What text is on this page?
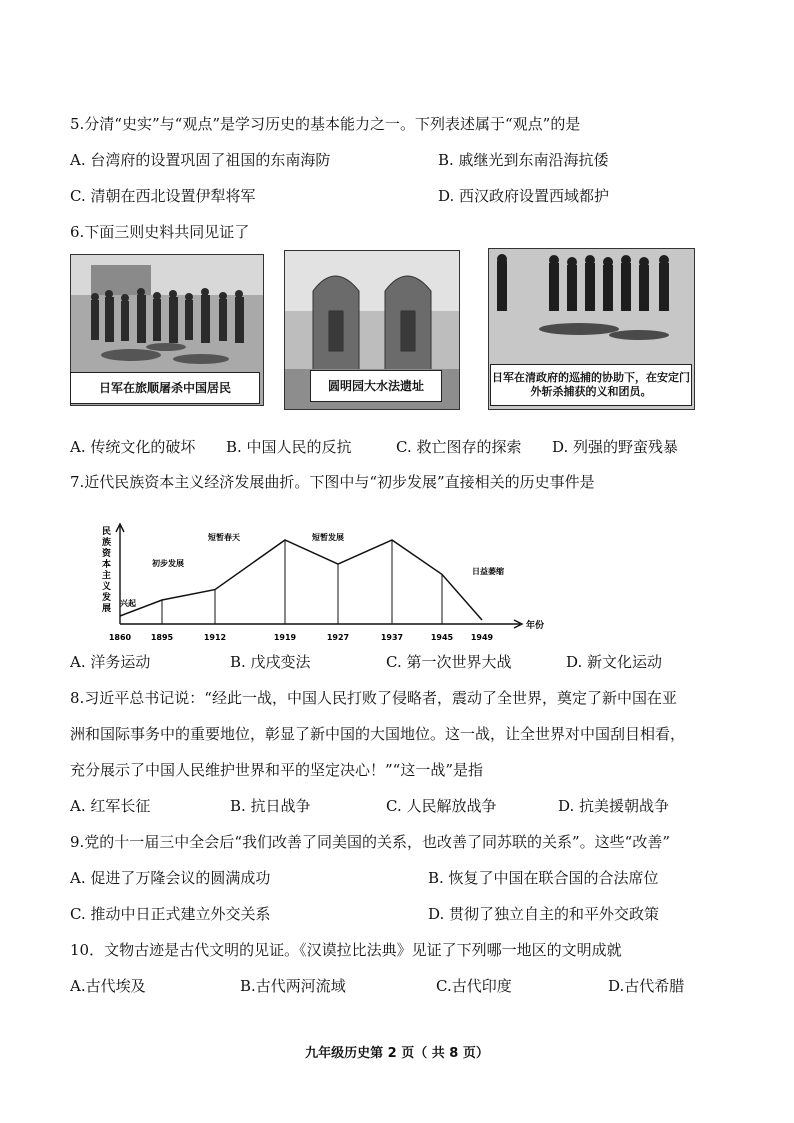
5.分清“史实”与“观点”是学习历史的基本能力之一。下列表述属于“观点”的是
A. 台湾府的设置巩固了祖国的东南海防	B. 戚继光到东南沿海抗倭
C. 清朝在西北设置伊犁将军	D. 西汉政府设置西域都护
6.下面三则史料共同见证了
日军在旅顺屠杀中国居民	圆明园大水法遗址
日军在清政府的巡捕的协助下，在安定门外斩杀捕获的义和团员。
A. 传统文化的破坏 B. 中国人民的反抗	C. 救亡图存的探索 D. 列强的野蛮残暴
7.近代民族资本主义经济发展曲折。下图中与“初步发展”直接相关的历史事件是
民族资本主义发展
年份
1860 1895	1912	1919	1927	1937	1945 1949
兴起
初步发展
短暂春天	短暂发展
日益萎缩
A. 洋务运动	B. 戊戌变法	C. 第一次世界大战	D. 新文化运动
8.习近平总书记说：“经此一战，中国人民打败了侵略者，震动了全世界，奠定了新中国在亚
洲和国际事务中的重要地位，彰显了新中国的大国地位。这一战，让全世界对中国刮目相看，
充分展示了中国人民维护世界和平的坚定决心！”“这一战”是指
A. 红军长征	B. 抗日战争	C. 人民解放战争	D. 抗美援朝战争
9.党的十一届三中全会后“我们改善了同美国的关系，也改善了同苏联的关系”。这些“改善”
A. 促进了万隆会议的圆满成功	B. 恢复了中国在联合国的合法席位
C. 推动中日正式建立外交关系	D. 贯彻了独立自主的和平外交政策
10．文物古迹是古代文明的见证。《汉谟拉比法典》见证了下列哪一地区的文明成就
A.古代埃及	B.古代两河流域	C.古代印度	D.古代希腊
九年级历史第 2 页（ 共 8 页）
